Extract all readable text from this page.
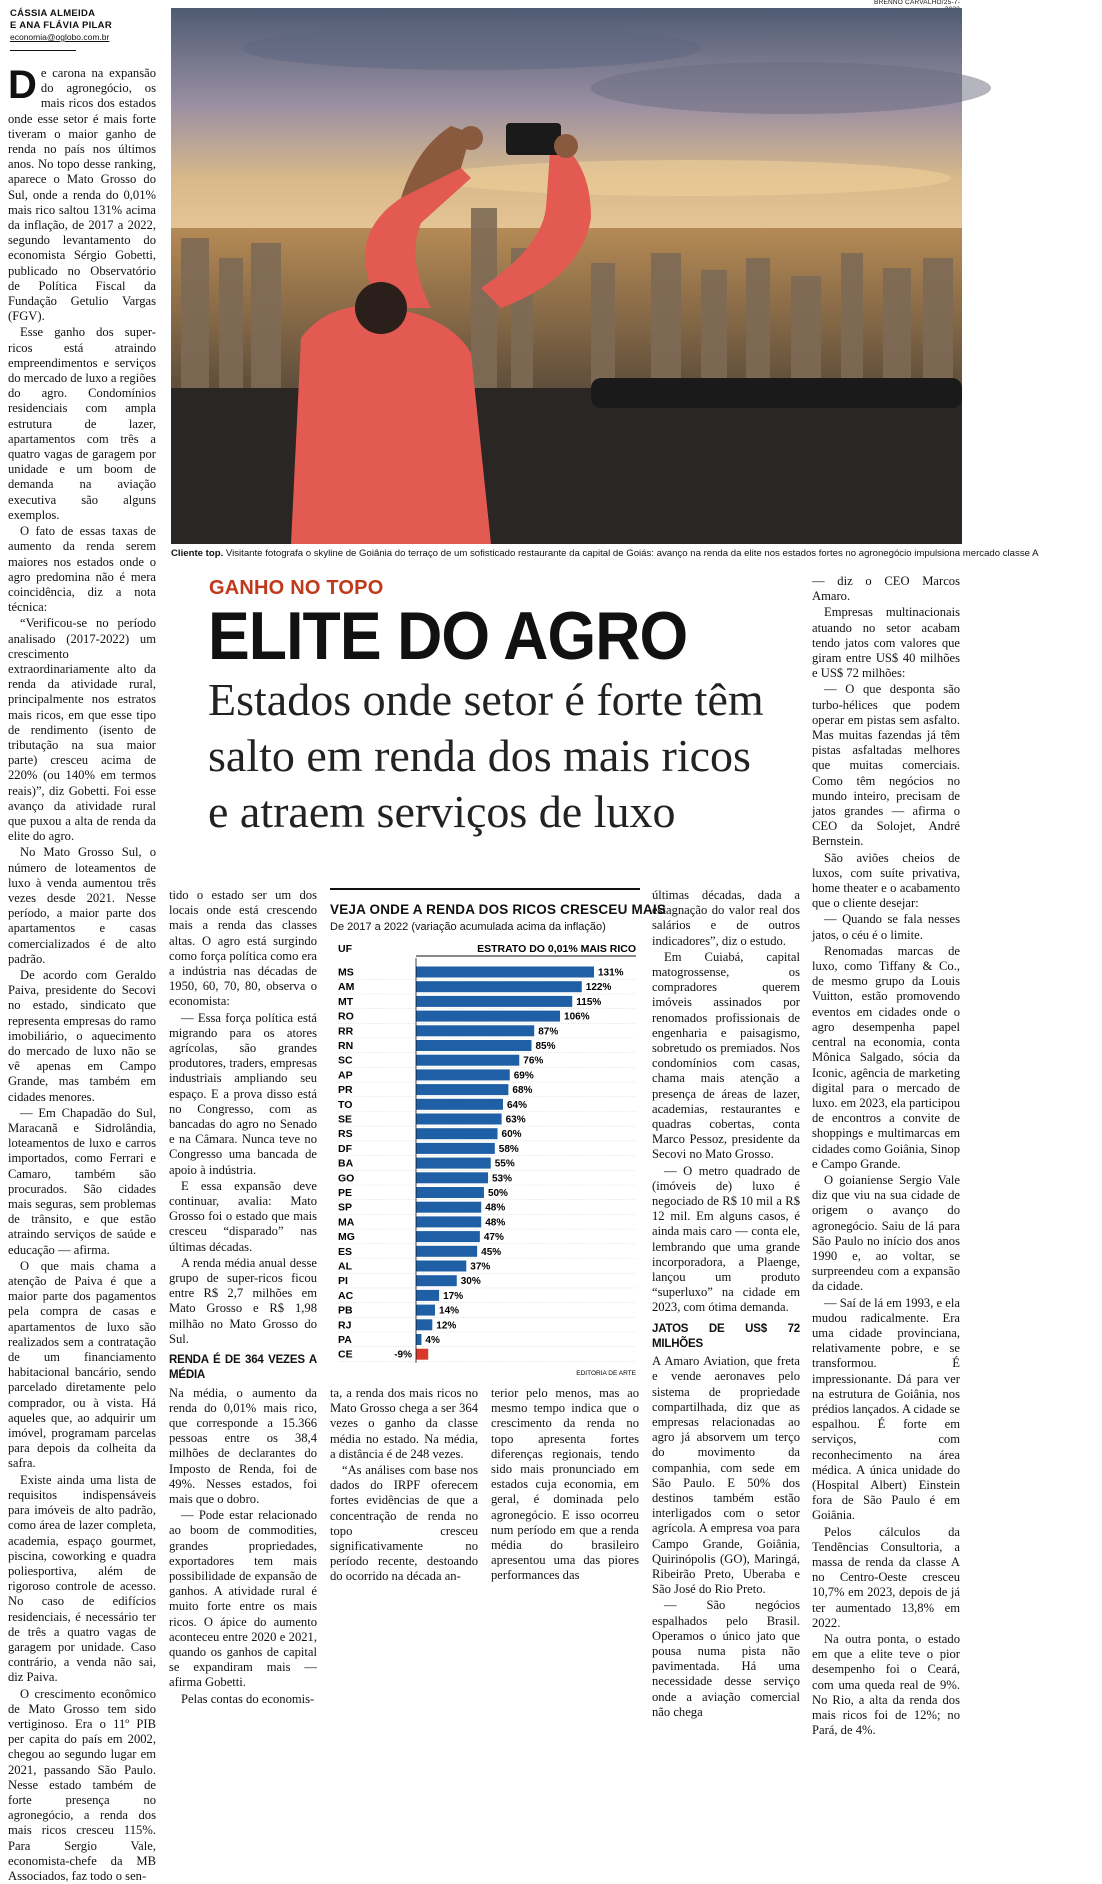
CÁSSIA ALMEIDA
E ANA FLÁVIA PILAR
economia@oglobo.com.br
BRENNO CARVALHO/25-7-
Cliente top. Visitante fotografa o skyline de Goiânia do terraço de um sofisticado restaurante da capital de Goiás: avanço na renda da elite nos estados fortes no agronegócio impulsiona mercado classe A
GANHO NO TOPO
ELITE DO AGRO
Estados onde setor é forte têm
salto em renda dos mais ricos
e atraem serviços de luxo

De carona na expansão do agronegócio, os mais ricos dos estados onde esse setor é mais forte tiveram o maior ganho de renda no país nos últimos anos. No topo desse ranking, aparece o Mato Grosso do Sul, onde a renda do 0,01% mais rico saltou 131% acima da inflação, de 2017 a 2022, segundo levantamento do economista Sérgio Gobetti, publicado no Observatório de Política Fiscal da Fundação Getulio Vargas (FGV).

Esse ganho dos super-ricos está atraindo empreendimentos e serviços do mercado de luxo a regiões do agro. Condomínios residenciais com ampla estrutura de lazer, apartamentos com três a quatro vagas de garagem por unidade e um boom de demanda na aviação executiva são alguns exemplos.

O fato de essas taxas de aumento da renda serem maiores nos estados onde o agro predomina não é mera coincidência, diz a nota técnica:

“Verificou-se no período analisado (2017-2022) um crescimento extraordinariamente alto da renda da atividade rural, principalmente nos estratos mais ricos, em que esse tipo de rendimento (isento de tributação na sua maior parte) cresceu acima de 220% (ou 140% em termos reais)”, diz Gobetti. Foi esse avanço da atividade rural que puxou a alta de renda da elite do agro.

No Mato Grosso Sul, o número de loteamentos de luxo à venda aumentou três vezes desde 2021. Nesse período, a maior parte dos apartamentos e casas comercializados é de alto padrão.

De acordo com Geraldo Paiva, presidente do Secovi no estado, sindicato que representa empresas do ramo imobiliário, o aquecimento do mercado de luxo não se vê apenas em Campo Grande, mas também em cidades menores.

— Em Chapadão do Sul, Maracanã e Sidrolândia, loteamentos de luxo e carros importados, como Ferrari e Camaro, também são procurados. São cidades mais seguras, sem problemas de trânsito, e que estão atraindo serviços de saúde e educação — afirma.

O que mais chama a atenção de Paiva é que a maior parte dos pagamentos pela compra de casas e apartamentos de luxo são realizados sem a contratação de um financiamento habitacional bancário, sendo parcelado diretamente pelo comprador, ou à vista. Há aqueles que, ao adquirir um imóvel, programam parcelas para depois da colheita da safra.

Existe ainda uma lista de requisitos indispensáveis para imóveis de alto padrão, como área de lazer completa, academia, espaço gourmet, piscina, coworking e quadra poliesportiva, além de rigoroso controle de acesso. No caso de edifícios residenciais, é necessário ter de três a quatro vagas de garagem por unidade. Caso contrário, a venda não sai, diz Paiva.

O crescimento econômico de Mato Grosso tem sido vertiginoso. Era o 11º PIB per capita do país em 2002, chegou ao segundo lugar em 2021, passando São Paulo. Nesse estado também de forte presença no agronegócio, a renda dos mais ricos cresceu 115%. Para Sergio Vale, economista-chefe da MB Associados, faz todo o sen-

tido o estado ser um dos locais onde está crescendo mais a renda das classes altas. O agro está surgindo como força política como era a indústria nas décadas de 1950, 60, 70, 80, observa o economista:

— Essa força política está migrando para os atores agrícolas, são grandes produtores, traders, empresas industriais ampliando seu espaço. E a prova disso está no Congresso, com as bancadas do agro no Senado e na Câmara. Nunca teve no Congresso uma bancada de apoio à indústria.

E essa expansão deve continuar, avalia: Mato Grosso foi o estado que mais cresceu “disparado” nas últimas décadas.

A renda média anual desse grupo de super-ricos ficou entre R$ 2,7 milhões em Mato Grosso e R$ 1,98 milhão no Mato Grosso do Sul.

RENDA É DE 364 VEZES A MÉDIA

Na média, o aumento da renda do 0,01% mais rico, que corresponde a 15.366 pessoas entre os 38,4 milhões de declarantes do Imposto de Renda, foi de 49%. Nesses estados, foi mais que o dobro.

— Pode estar relacionado ao boom de commodities, grandes propriedades, exportadores tem mais possibilidade de expansão de ganhos. A atividade rural é muito forte entre os mais ricos. O ápice do aumento aconteceu entre 2020 e 2021, quando os ganhos de capital se expandiram mais — afirma Gobetti.

Pelas contas do economis-

VEJA ONDE A RENDA DOS RICOS CRESCEU MAIS
De 2017 a 2022 (variação acumulada acima da inflação)
UF	ESTRATO DO 0,01% MAIS RICO
MS	131%
AM	122%
MT	115%
RO	106%
RR	87%
RN	85%
SC	76%
AP	69%
PR	68%
TO	64%
SE	63%
RS	60%
DF	58%
BA	55%
GO	53%
PE	50%
SP	48%
MA	48%
MG	47%
ES	45%
AL	37%
PI	30%
AC	17%
PB	14%
RJ	12%
PA	4%
CE	-9%
EDITORIA DE ARTE

ta, a renda dos mais ricos no Mato Grosso chega a ser 364 vezes o ganho da classe média no estado. Na média, a distância é de 248 vezes.

“As análises com base nos dados do IRPF oferecem fortes evidências de que a concentração de renda no topo cresceu significativamente no período recente, destoando do ocorrido na década an-

terior pelo menos, mas ao mesmo tempo indica que o crescimento da renda no topo apresenta fortes diferenças regionais, tendo sido mais pronunciado em estados cuja economia, em geral, é dominada pelo agronegócio. E isso ocorreu num período em que a renda média do brasileiro apresentou uma das piores performances das

últimas décadas, dada a estagnação do valor real dos salários e de outros indicadores”, diz o estudo.

Em Cuiabá, capital matogrossense, os compradores querem imóveis assinados por renomados profissionais de engenharia e paisagismo, sobretudo os premiados. Nos condomínios com casas, chama mais atenção a presença de áreas de lazer, academias, restaurantes e quadras cobertas, conta Marco Pessoz, presidente da Secovi no Mato Grosso.

— O metro quadrado de (imóveis de) luxo é negociado de R$ 10 mil a R$ 12 mil. Em alguns casos, é ainda mais caro — conta ele, lembrando que uma grande incorporadora, a Plaenge, lançou um produto “superluxo” na cidade em 2023, com ótima demanda.

JATOS DE US$ 72 MILHÕES

A Amaro Aviation, que freta e vende aeronaves pelo sistema de propriedade compartilhada, diz que as empresas relacionadas ao agro já absorvem um terço do movimento da companhia, com sede em São Paulo. E 50% dos destinos também estão interligados com o setor agrícola. A empresa voa para Campo Grande, Goiânia, Quirinópolis (GO), Maringá, Ribeirão Preto, Uberaba e São José do Rio Preto.

— São negócios espalhados pelo Brasil. Operamos o único jato que pousa numa pista não pavimentada. Há uma necessidade desse serviço onde a aviação comercial não chega

— diz o CEO Marcos Amaro.

Empresas multinacionais atuando no setor acabam tendo jatos com valores que giram entre US$ 40 milhões e US$ 72 milhões:

— O que desponta são turbo-hélices que podem operar em pistas sem asfalto. Mas muitas fazendas já têm pistas asfaltadas melhores que muitas comerciais. Como têm negócios no mundo inteiro, precisam de jatos grandes — afirma o CEO da Solojet, André Bernstein.

São aviões cheios de luxos, com suíte privativa, home theater e o acabamento que o cliente desejar:

— Quando se fala nesses jatos, o céu é o limite.

Renomadas marcas de luxo, como Tiffany & Co., de mesmo grupo da Louis Vuitton, estão promovendo eventos em cidades onde o agro desempenha papel central na economia, conta Mônica Salgado, sócia da Iconic, agência de marketing digital para o mercado de luxo. em 2023, ela participou de encontros a convite de shoppings e multimarcas em cidades como Goiânia, Sinop e Campo Grande.

O goianiense Sergio Vale diz que viu na sua cidade de origem o avanço do agronegócio. Saiu de lá para São Paulo no início dos anos 1990 e, ao voltar, se surpreendeu com a expansão da cidade.

— Saí de lá em 1993, e ela mudou radicalmente. Era uma cidade provinciana, relativamente pobre, e se transformou. É impressionante. Dá para ver na estrutura de Goiânia, nos prédios lançados. A cidade se espalhou. É forte em serviços, com reconhecimento na área médica. A única unidade do (Hospital Albert) Einstein fora de São Paulo é em Goiânia.

Pelos cálculos da Tendências Consultoria, a massa de renda da classe A no Centro-Oeste cresceu 10,7% em 2023, depois de já ter aumentado 13,8% em 2022.

Na outra ponta, o estado em que a elite teve o pior desempenho foi o Ceará, com uma queda real de 9%. No Rio, a alta da renda dos mais ricos foi de 12%; no Pará, de 4%.
